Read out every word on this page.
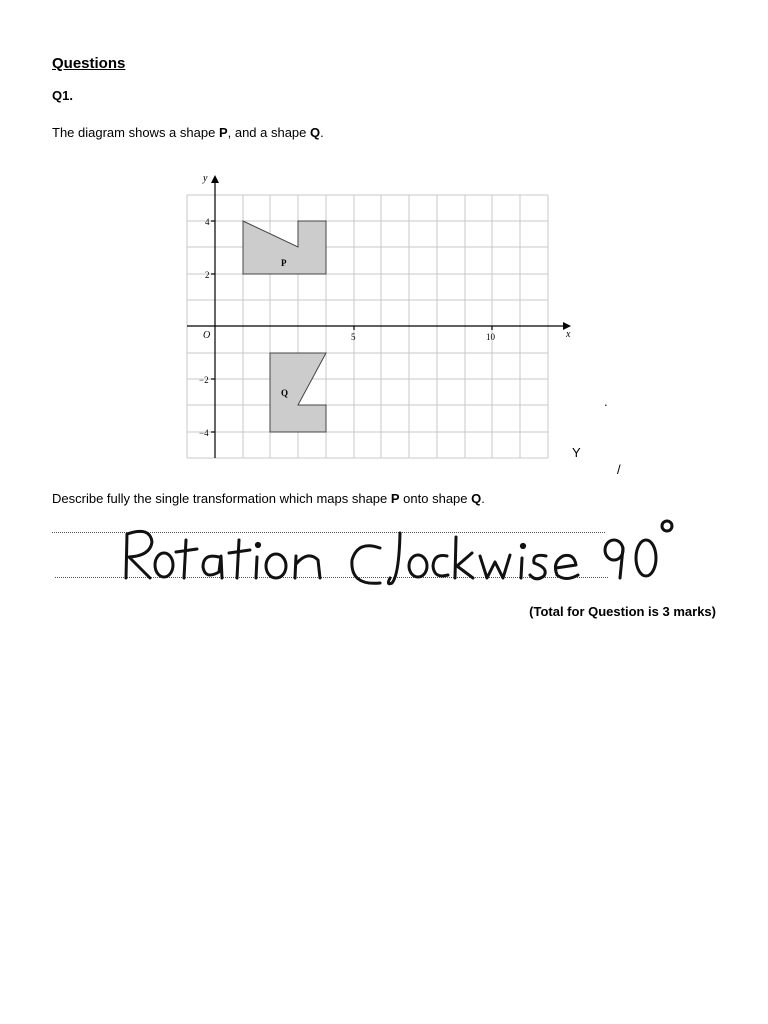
Questions
Q1.
The diagram shows a shape P, and a shape Q.
y
x
O	5	10
4
2
−2
−4
P
Q
.
Y
/
Describe fully the single transformation which maps shape P onto shape Q.
(Total for Question is 3 marks)
